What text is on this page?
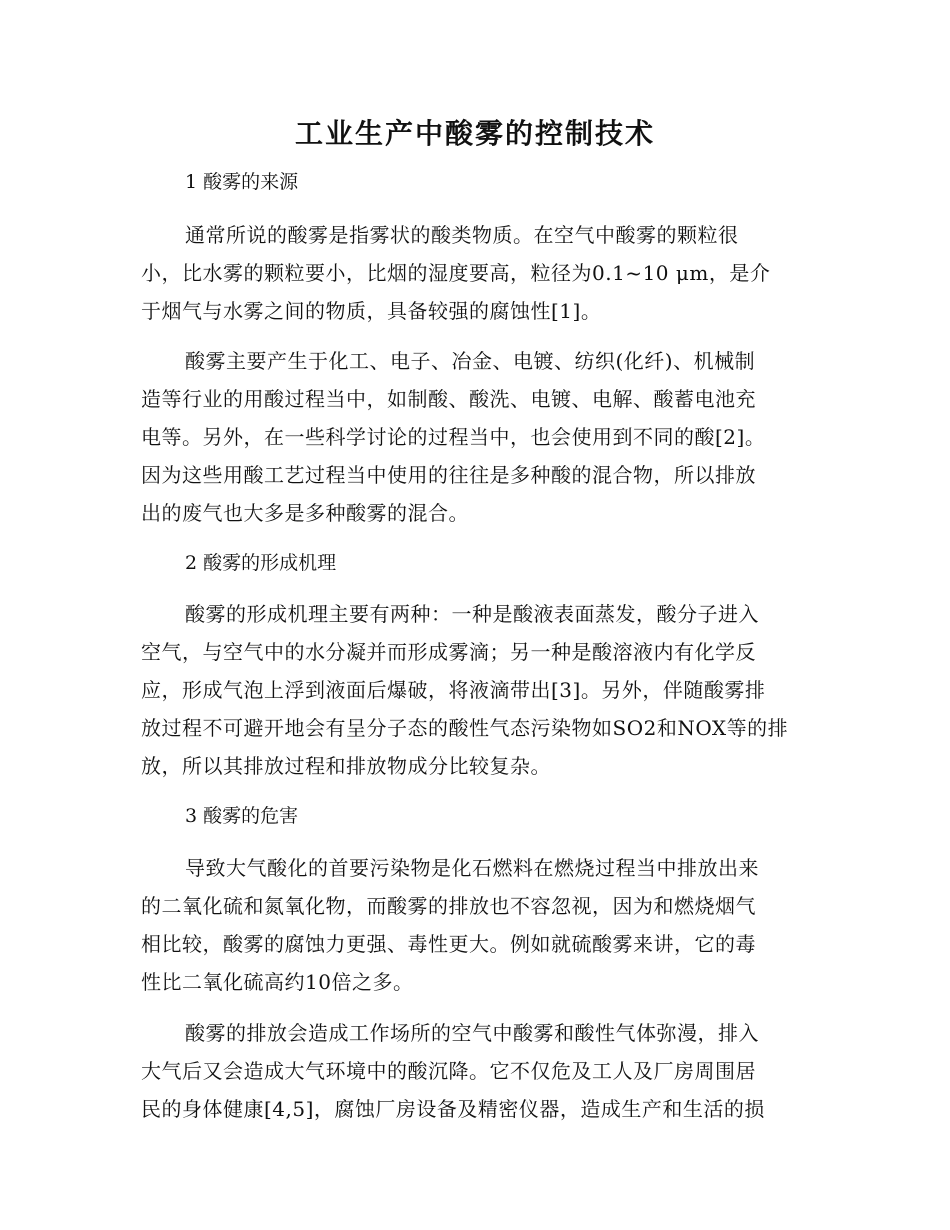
工业生产中酸雾的控制技术
1 酸雾的来源
通常所说的酸雾是指雾状的酸类物质。在空气中酸雾的颗粒很
小，比水雾的颗粒要小，比烟的湿度要高，粒径为0.1~10 μm，是介
于烟气与水雾之间的物质，具备较强的腐蚀性[1]。
酸雾主要产生于化工、电子、冶金、电镀、纺织(化纤)、机械制
造等行业的用酸过程当中，如制酸、酸洗、电镀、电解、酸蓄电池充
电等。另外，在一些科学讨论的过程当中，也会使用到不同的酸[2]。
因为这些用酸工艺过程当中使用的往往是多种酸的混合物，所以排放
出的废气也大多是多种酸雾的混合。
2 酸雾的形成机理
酸雾的形成机理主要有两种：一种是酸液表面蒸发，酸分子进入
空气，与空气中的水分凝并而形成雾滴；另一种是酸溶液内有化学反
应，形成气泡上浮到液面后爆破，将液滴带出[3]。另外，伴随酸雾排
放过程不可避开地会有呈分子态的酸性气态污染物如SO2和NOX等的排
放，所以其排放过程和排放物成分比较复杂。
3 酸雾的危害
导致大气酸化的首要污染物是化石燃料在燃烧过程当中排放出来
的二氧化硫和氮氧化物，而酸雾的排放也不容忽视，因为和燃烧烟气
相比较，酸雾的腐蚀力更强、毒性更大。例如就硫酸雾来讲，它的毒
性比二氧化硫高约10倍之多。
酸雾的排放会造成工作场所的空气中酸雾和酸性气体弥漫，排入
大气后又会造成大气环境中的酸沉降。它不仅危及工人及厂房周围居
民的身体健康[4,5]，腐蚀厂房设备及精密仪器，造成生产和生活的损
